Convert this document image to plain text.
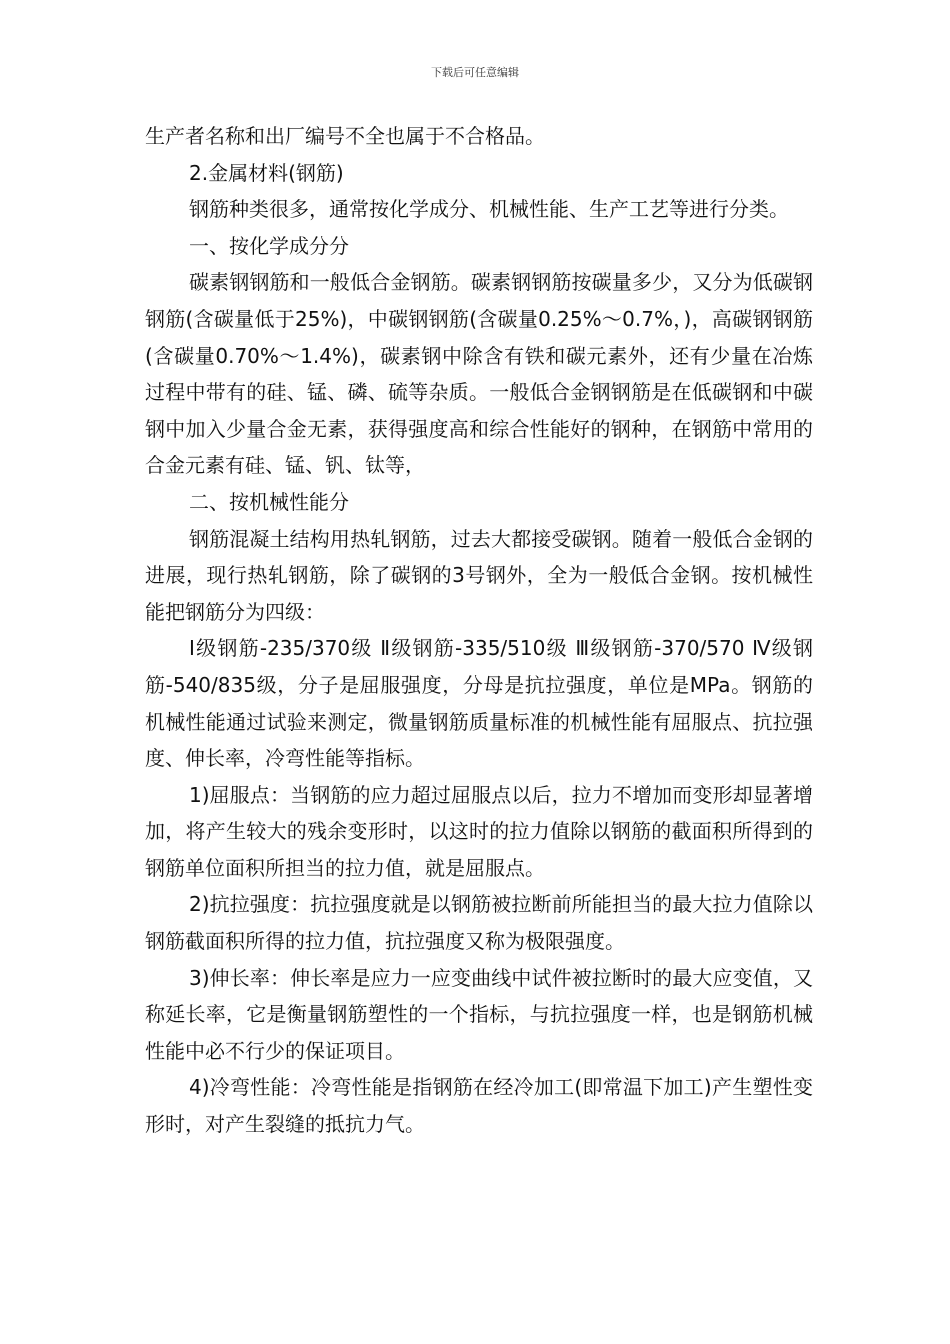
下载后可任意编辑

生产者名称和出厂编号不全也属于不合格品。

2.金属材料(钢筋)

钢筋种类很多，通常按化学成分、机械性能、生产工艺等进行分类。

一、按化学成分分

碳素钢钢筋和一般低合金钢筋。碳素钢钢筋按碳量多少，又分为低碳钢钢筋(含碳量低于25%)，中碳钢钢筋(含碳量0.25%～0.7%，)，高碳钢钢筋(含碳量0.70%～1.4%)，碳素钢中除含有铁和碳元素外，还有少量在冶炼过程中带有的硅、锰、磷、硫等杂质。一般低合金钢钢筋是在低碳钢和中碳钢中加入少量合金无素，获得强度高和综合性能好的钢种，在钢筋中常用的合金元素有硅、锰、钒、钛等，

二、按机械性能分

钢筋混凝土结构用热轧钢筋，过去大都接受碳钢。随着一般低合金钢的进展，现行热轧钢筋，除了碳钢的3号钢外，全为一般低合金钢。按机械性能把钢筋分为四级：

Ⅰ级钢筋-235/370级 Ⅱ级钢筋-335/510级 Ⅲ级钢筋-370/570 Ⅳ级钢筋-540/835级，分子是屈服强度，分母是抗拉强度，单位是MPa。钢筋的机械性能通过试验来测定，微量钢筋质量标准的机械性能有屈服点、抗拉强度、伸长率，冷弯性能等指标。

1)屈服点：当钢筋的应力超过屈服点以后，拉力不增加而变形却显著增加，将产生较大的残余变形时，以这时的拉力值除以钢筋的截面积所得到的钢筋单位面积所担当的拉力值，就是屈服点。

2)抗拉强度：抗拉强度就是以钢筋被拉断前所能担当的最大拉力值除以钢筋截面积所得的拉力值，抗拉强度又称为极限强度。

3)伸长率：伸长率是应力一应变曲线中试件被拉断时的最大应变值，又称延长率，它是衡量钢筋塑性的一个指标，与抗拉强度一样，也是钢筋机械性能中必不行少的保证项目。

4)冷弯性能：冷弯性能是指钢筋在经冷加工(即常温下加工)产生塑性变形时，对产生裂缝的抵抗力气。
